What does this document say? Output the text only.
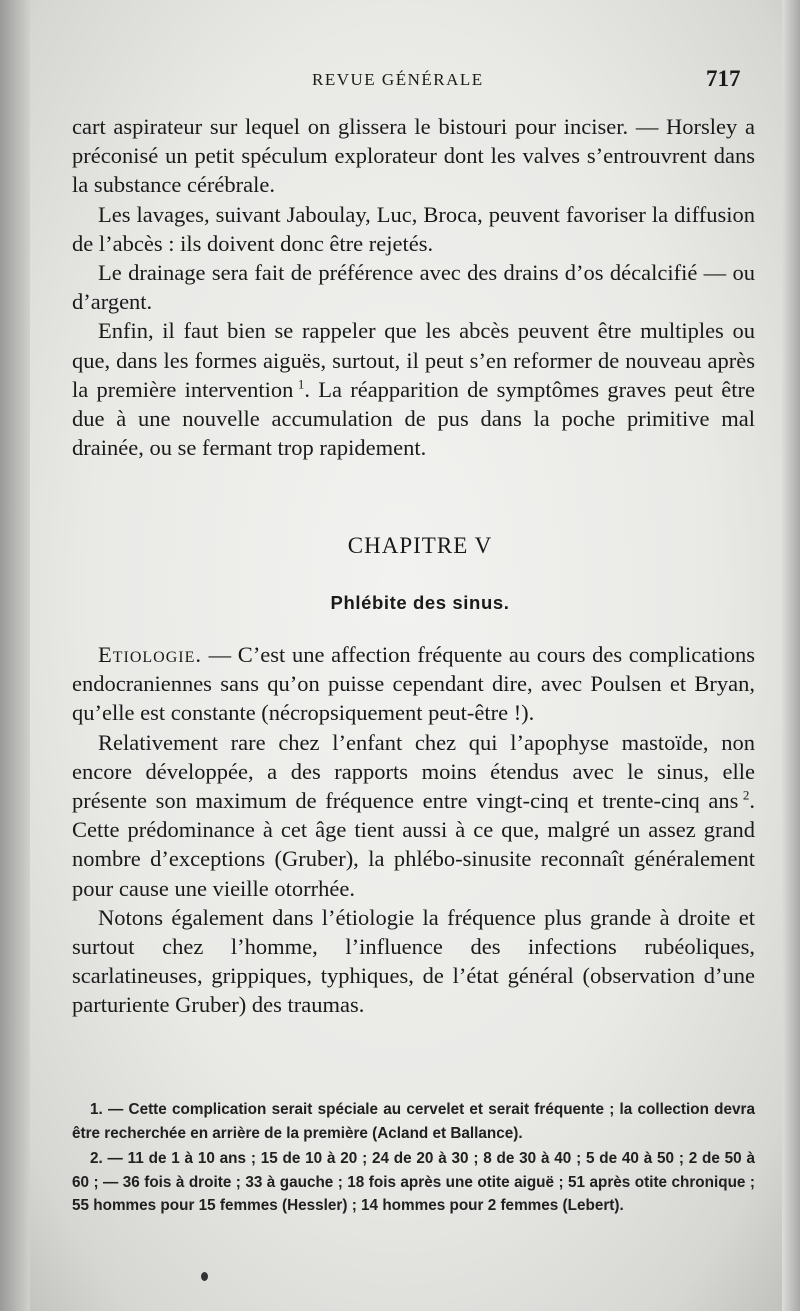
REVUE GÉNÉRALE	717

cart aspirateur sur lequel on glissera le bistouri pour inciser. — Horsley a préconisé un petit spéculum explorateur dont les valves s’entrouvrent dans la substance cérébrale.

Les lavages, suivant Jaboulay, Luc, Broca, peuvent favoriser la diffusion de l’abcès : ils doivent donc être rejetés.

Le drainage sera fait de préférence avec des drains d’os décalcifié — ou d’argent.

Enfin, il faut bien se rappeler que les abcès peuvent être multiples ou que, dans les formes aiguës, surtout, il peut s’en reformer de nouveau après la première intervention  $^1$. La réapparition de symptômes graves peut être due à une nouvelle accumulation de pus dans la poche primitive mal drainée, ou se fermant trop rapidement.

CHAPITRE V
Phlébite des sinus.

Etiologie. — C’est une affection fréquente au cours des complications endocraniennes sans qu’on puisse cependant dire, avec Poulsen et Bryan, qu’elle est constante (nécropsiquement peut-être !).

Relativement rare chez l’enfant chez qui l’apophyse mastoïde, non encore développée, a des rapports moins étendus avec le sinus, elle présente son maximum de fréquence entre vingt-cinq et trente-cinq ans  $^2$. Cette prédominance à cet âge tient aussi à ce que, malgré un assez grand nombre d’exceptions (Gruber), la phlébo-sinusite reconnaît généralement pour cause une vieille otorrhée.

Notons également dans l’étiologie la fréquence plus grande à droite et surtout chez l’homme, l’influence des infections rubéoliques, scarlatineuses, grippiques, typhiques, de l’état général (observation d’une parturiente Gruber) des traumas.

1. — Cette complication serait spéciale au cervelet et serait fréquente ; la collection devra être recherchée en arrière de la première (Acland et Ballance).

2. — 11 de 1 à 10 ans ; 15 de 10 à 20 ; 24 de 20 à 30 ; 8 de 30 à 40 ; 5 de 40 à 50 ; 2 de 50 à 60 ; — 36 fois à droite ; 33 à gauche ; 18 fois après une otite aiguë ; 51 après otite chronique ; 55 hommes pour 15 femmes (Hessler) ; 14 hommes pour 2 femmes (Lebert).
